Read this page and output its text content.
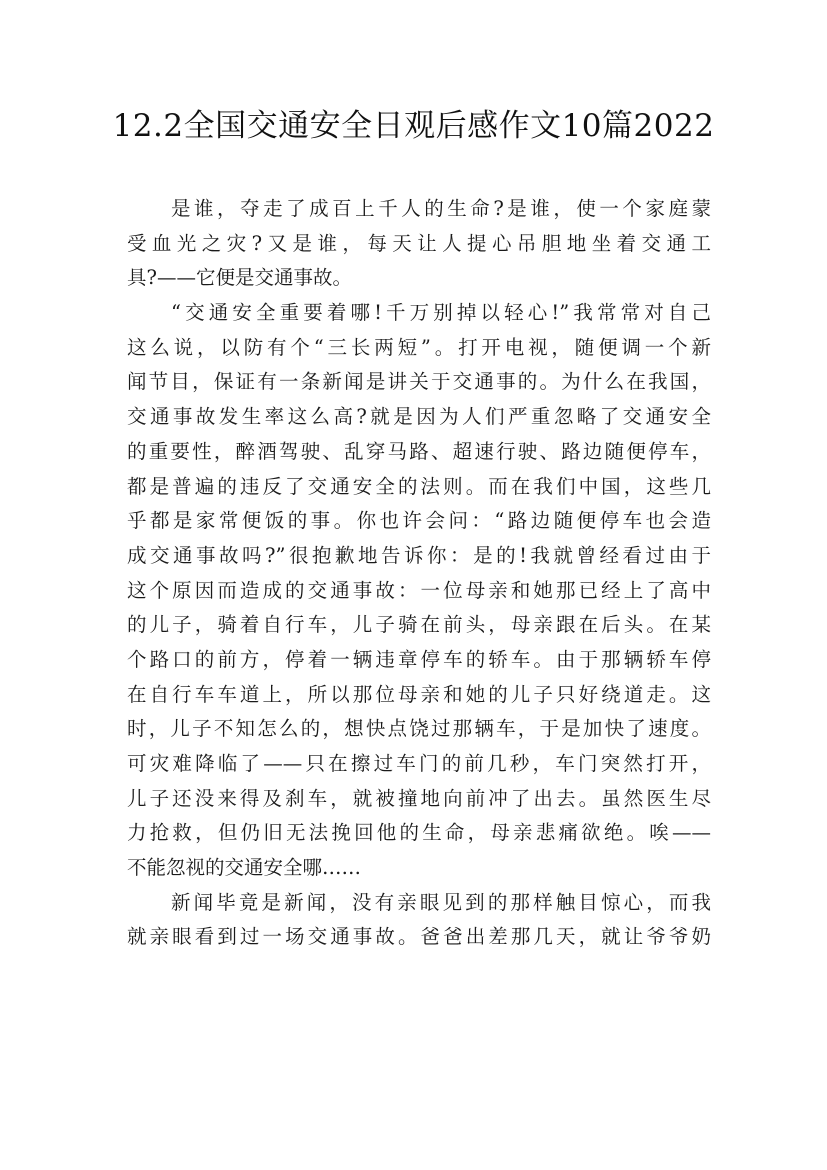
12.2全国交通安全日观后感作文10篇2022
是谁，夺走了成百上千人的生命?是谁，使一个家庭蒙
受血光之灾?又是谁，每天让人提心吊胆地坐着交通工
具?——它便是交通事故。
“交通安全重要着哪!千万别掉以轻心!”我常常对自己
这么说，以防有个“三长两短”。打开电视，随便调一个新
闻节目，保证有一条新闻是讲关于交通事的。为什么在我国，
交通事故发生率这么高?就是因为人们严重忽略了交通安全
的重要性，醉酒驾驶、乱穿马路、超速行驶、路边随便停车，
都是普遍的违反了交通安全的法则。而在我们中国，这些几
乎都是家常便饭的事。你也许会问：“路边随便停车也会造
成交通事故吗?”很抱歉地告诉你：是的!我就曾经看过由于
这个原因而造成的交通事故：一位母亲和她那已经上了高中
的儿子，骑着自行车，儿子骑在前头，母亲跟在后头。在某
个路口的前方，停着一辆违章停车的轿车。由于那辆轿车停
在自行车车道上，所以那位母亲和她的儿子只好绕道走。这
时，儿子不知怎么的，想快点饶过那辆车，于是加快了速度。
可灾难降临了——只在擦过车门的前几秒，车门突然打开，
儿子还没来得及刹车，就被撞地向前冲了出去。虽然医生尽
力抢救，但仍旧无法挽回他的生命，母亲悲痛欲绝。唉——
不能忽视的交通安全哪……
新闻毕竟是新闻，没有亲眼见到的那样触目惊心，而我
就亲眼看到过一场交通事故。爸爸出差那几天，就让爷爷奶
